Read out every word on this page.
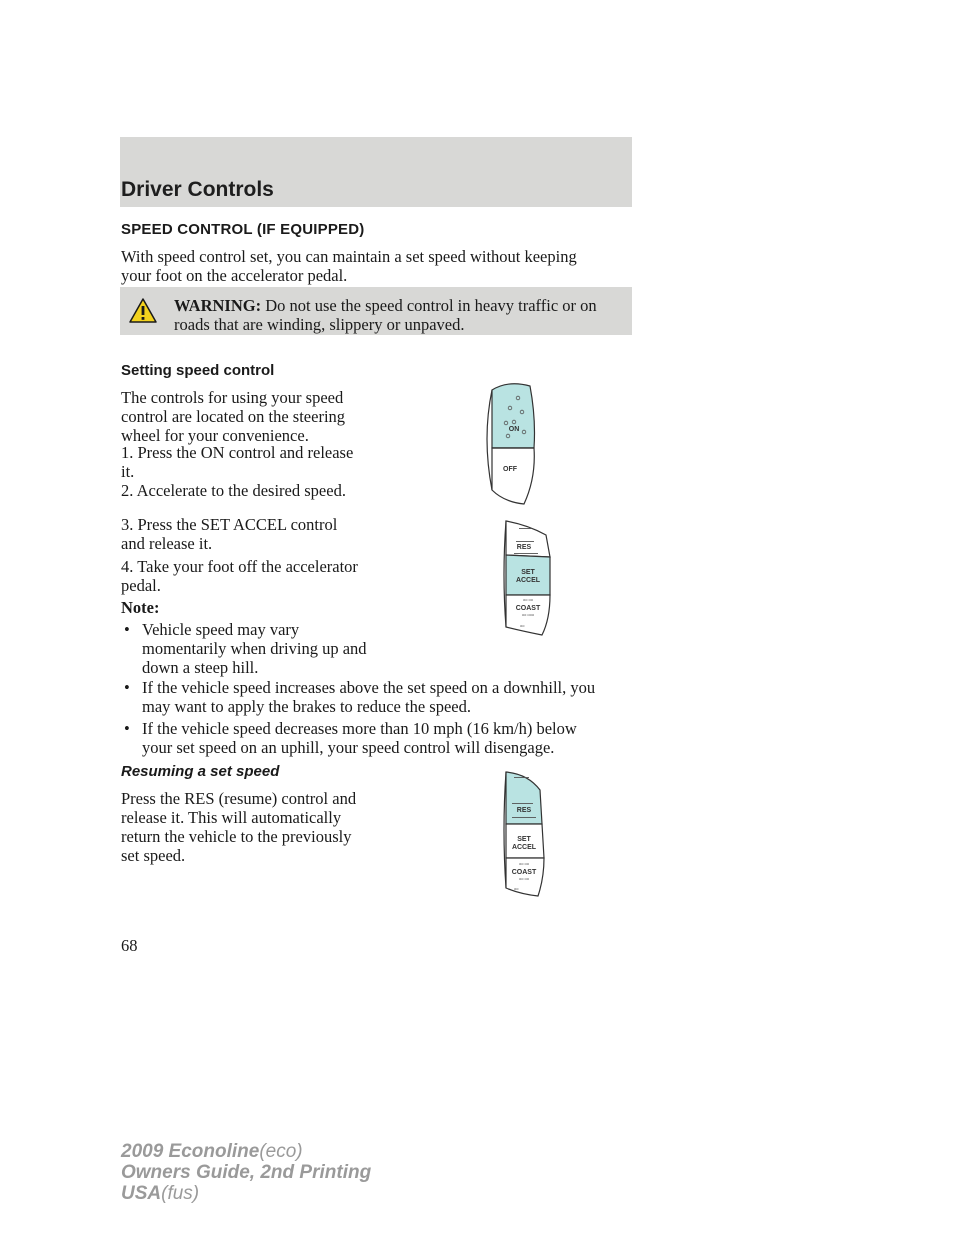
Driver Controls
SPEED CONTROL (IF EQUIPPED)
With speed control set, you can maintain a set speed without keeping
your foot on the accelerator pedal.
WARNING: Do not use the speed control in heavy traffic or on
roads that are winding, slippery or unpaved.
Setting speed control
The controls for using your speed
control are located on the steering
wheel for your convenience.
1. Press the ON control and release
it.
2. Accelerate to the desired speed.
3. Press the SET ACCEL control
and release it.
4. Take your foot off the accelerator
pedal.
Note:
• Vehicle speed may vary
momentarily when driving up and
down a steep hill.
• If the vehicle speed increases above the set speed on a downhill, you
may want to apply the brakes to reduce the speed.
• If the vehicle speed decreases more than 10 mph (16 km/h) below
your set speed on an uphill, your speed control will disengage.
Resuming a set speed
Press the RES (resume) control and
release it. This will automatically
return the vehicle to the previously
set speed.
ON
OFF
▬▬▬▬
▬▬▬▬▬▬
RES
▬▬▬▬▬▬▬▬
SET
ACCEL
oo oo
COAST
oo ooo
oo
▬▬▬▬▬
▬▬▬▬▬▬▬
RES
▬▬▬▬▬▬▬▬
SET
ACCEL
oo oo
COAST
oo oo
oo
68
2009 Econoline(eco)
Owners Guide, 2nd Printing
USA(fus)
